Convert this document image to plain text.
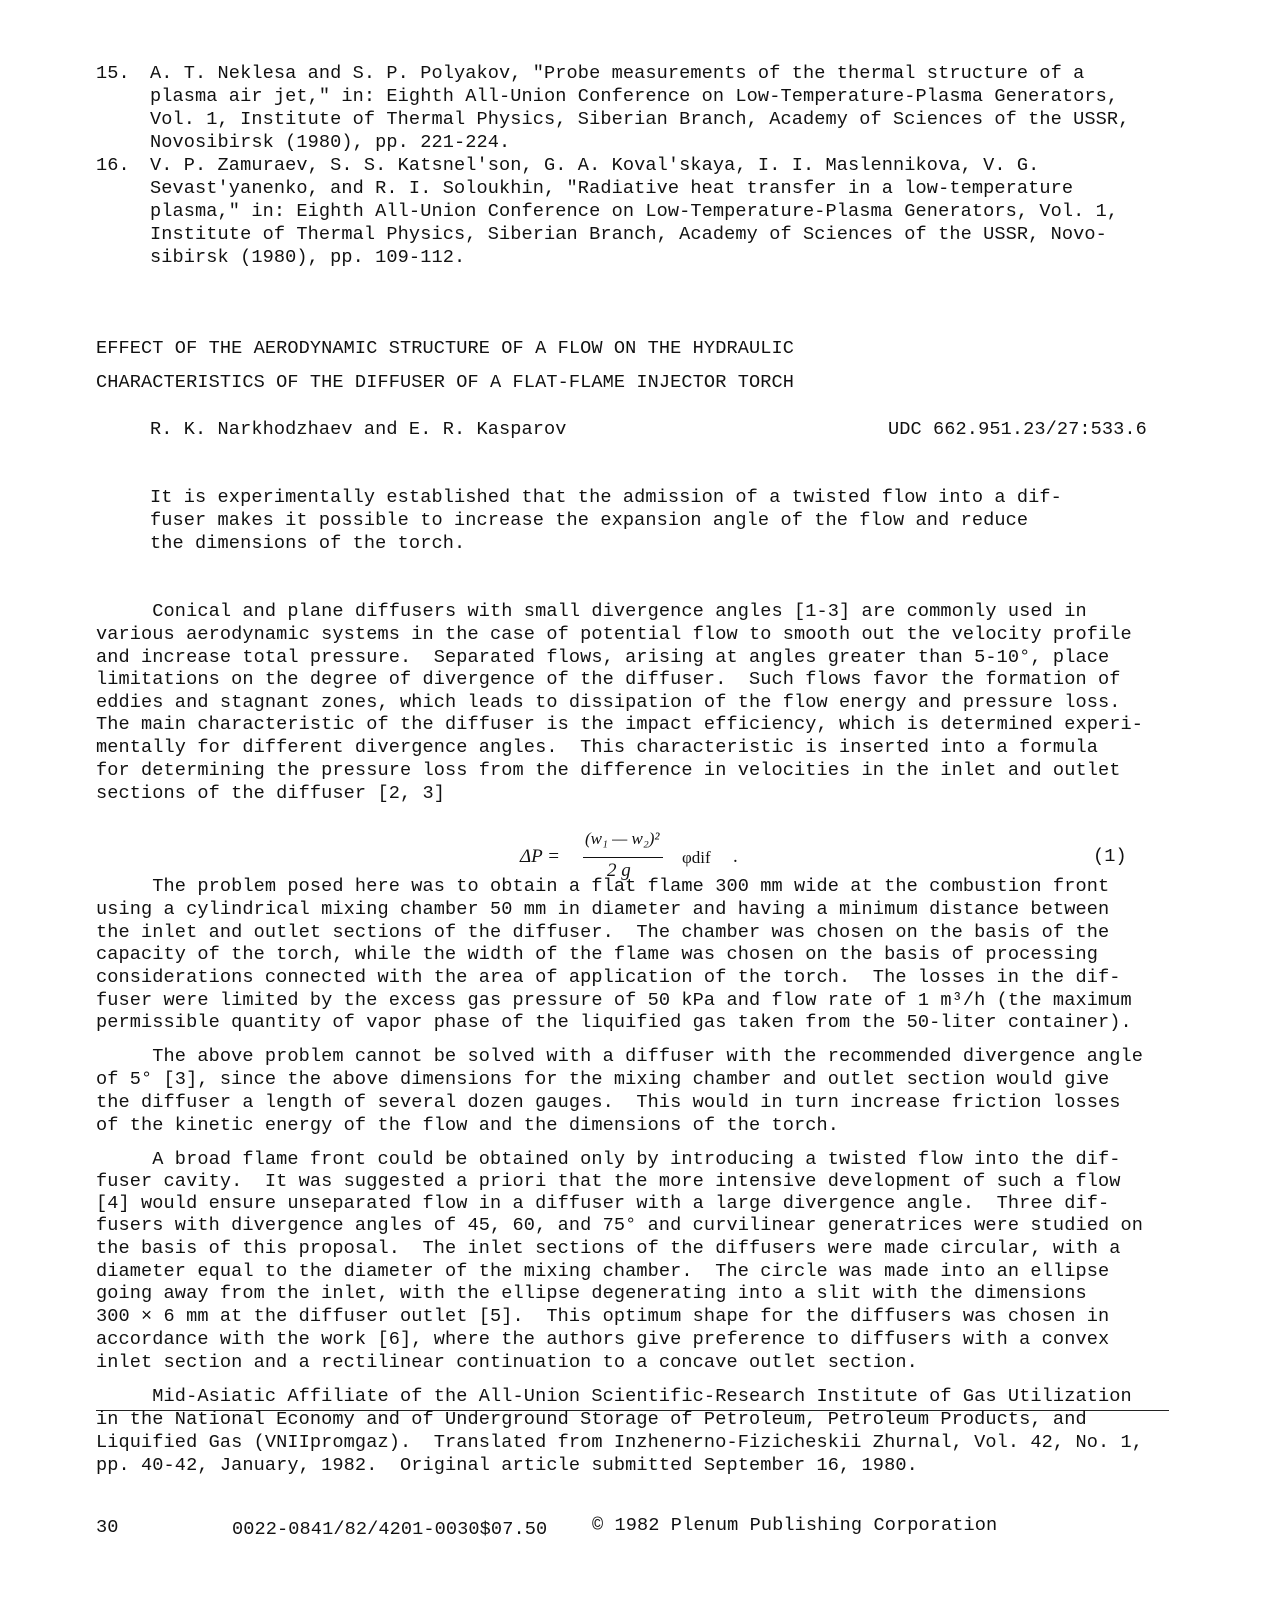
15. A. T. Neklesa and S. P. Polyakov, "Probe measurements of the thermal structure of a
plasma air jet," in: Eighth All-Union Conference on Low-Temperature-Plasma Generators,
Vol. 1, Institute of Thermal Physics, Siberian Branch, Academy of Sciences of the USSR,
Novosibirsk (1980), pp. 221-224.
16. V. P. Zamuraev, S. S. Katsnel'son, G. A. Koval'skaya, I. I. Maslennikova, V. G.
Sevast'yanenko, and R. I. Soloukhin, "Radiative heat transfer in a low-temperature
plasma," in: Eighth All-Union Conference on Low-Temperature-Plasma Generators, Vol. 1,
Institute of Thermal Physics, Siberian Branch, Academy of Sciences of the USSR, Novo-
sibirsk (1980), pp. 109-112.
EFFECT OF THE AERODYNAMIC STRUCTURE OF A FLOW ON THE HYDRAULIC
CHARACTERISTICS OF THE DIFFUSER OF A FLAT-FLAME INJECTOR TORCH
R. K. Narkhodzhaev and E. R. Kasparov	UDC 662.951.23/27:533.6
It is experimentally established that the admission of a twisted flow into a dif-
fuser makes it possible to increase the expansion angle of the flow and reduce
the dimensions of the torch.
Conical and plane diffusers with small divergence angles [1-3] are commonly used in
various aerodynamic systems in the case of potential flow to smooth out the velocity profile
and increase total pressure.  Separated flows, arising at angles greater than 5-10°, place
limitations on the degree of divergence of the diffuser.  Such flows favor the formation of
eddies and stagnant zones, which leads to dissipation of the flow energy and pressure loss.
The main characteristic of the diffuser is the impact efficiency, which is determined experi-
mentally for different divergence angles.  This characteristic is inserted into a formula
for determining the pressure loss from the difference in velocities in the inlet and outlet
sections of the diffuser [2, 3]
ΔP =
(w₁ — w₂)²
2 g
φdif .	(1)
The problem posed here was to obtain a flat flame 300 mm wide at the combustion front
using a cylindrical mixing chamber 50 mm in diameter and having a minimum distance between
the inlet and outlet sections of the diffuser.  The chamber was chosen on the basis of the
capacity of the torch, while the width of the flame was chosen on the basis of processing
considerations connected with the area of application of the torch.  The losses in the dif-
fuser were limited by the excess gas pressure of 50 kPa and flow rate of 1 m³/h (the maximum
permissible quantity of vapor phase of the liquified gas taken from the 50-liter container).
The above problem cannot be solved with a diffuser with the recommended divergence angle
of 5° [3], since the above dimensions for the mixing chamber and outlet section would give
the diffuser a length of several dozen gauges.  This would in turn increase friction losses
of the kinetic energy of the flow and the dimensions of the torch.
A broad flame front could be obtained only by introducing a twisted flow into the dif-
fuser cavity.  It was suggested a priori that the more intensive development of such a flow
[4] would ensure unseparated flow in a diffuser with a large divergence angle.  Three dif-
fusers with divergence angles of 45, 60, and 75° and curvilinear generatrices were studied on
the basis of this proposal.  The inlet sections of the diffusers were made circular, with a
diameter equal to the diameter of the mixing chamber.  The circle was made into an ellipse
going away from the inlet, with the ellipse degenerating into a slit with the dimensions
300 × 6 mm at the diffuser outlet [5].  This optimum shape for the diffusers was chosen in
accordance with the work [6], where the authors give preference to diffusers with a convex
inlet section and a rectilinear continuation to a concave outlet section.
Mid-Asiatic Affiliate of the All-Union Scientific-Research Institute of Gas Utilization
in the National Economy and of Underground Storage of Petroleum, Petroleum Products, and
Liquified Gas (VNIIpromgaz).  Translated from Inzhenerno-Fizicheskii Zhurnal, Vol. 42, No. 1,
pp. 40-42, January, 1982.  Original article submitted September 16, 1980.
30	0022-0841/82/4201-0030$07.50 © 1982 Plenum Publishing Corporation
